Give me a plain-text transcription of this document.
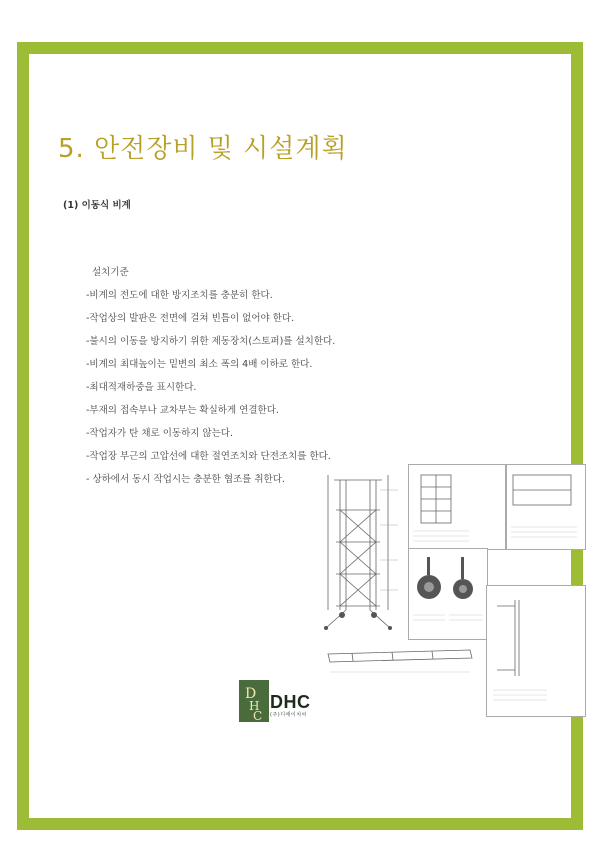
5. 안전장비 및 시설계획
(1) 이동식 비계
설치기준
-비계의 전도에 대한 방지조치를 충분히 한다.
-작업상의 발판은 전면에 걸쳐 빈틈이 없어야 한다.
-불시의 이동을 방지하기 위한 제동장치(스토퍼)를 설치한다.
-비계의 최대높이는 밑변의 최소 폭의 4배 이하로 한다.
-최대적재하중을 표시한다.
-부재의 접속부나 교차부는 확실하게 연결한다.
-작업자가 탄 채로 이동하지 않는다.
-작업장 부근의 고압선에 대한 절연조치와 단전조치를 한다.
- 상하에서 동시 작업시는 충분한 협조를 취한다.
D
H
C
DHC
(주)디에이치씨
